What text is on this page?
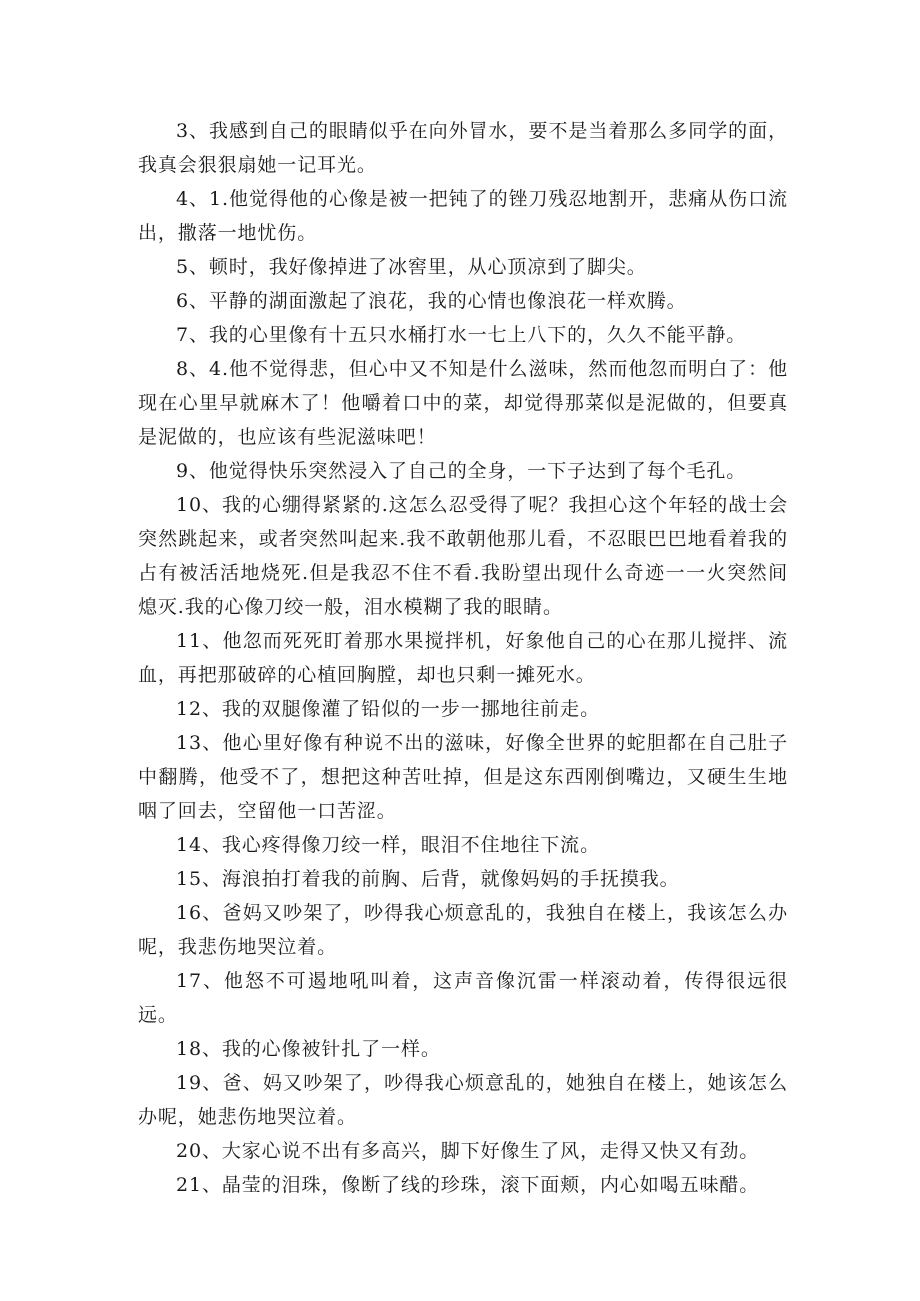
3、我感到自己的眼睛似乎在向外冒水，要不是当着那么多同学的面，我真会狠狠扇她一记耳光。

4、1.他觉得他的心像是被一把钝了的锉刀残忍地割开，悲痛从伤口流出，撒落一地忧伤。

5、顿时，我好像掉进了冰窖里，从心顶凉到了脚尖。

6、平静的湖面激起了浪花，我的心情也像浪花一样欢腾。

7、我的心里像有十五只水桶打水一七上八下的，久久不能平静。

8、4.他不觉得悲，但心中又不知是什么滋味，然而他忽而明白了：他现在心里早就麻木了！他嚼着口中的菜，却觉得那菜似是泥做的，但要真是泥做的，也应该有些泥滋味吧！

9、他觉得快乐突然浸入了自己的全身，一下子达到了每个毛孔。

10、我的心绷得紧紧的.这怎么忍受得了呢？我担心这个年轻的战士会突然跳起来，或者突然叫起来.我不敢朝他那儿看，不忍眼巴巴地看着我的占有被活活地烧死.但是我忍不住不看.我盼望出现什么奇迹一一火突然间熄灭.我的心像刀绞一般，泪水模糊了我的眼睛。

11、他忽而死死盯着那水果搅拌机，好象他自己的心在那儿搅拌、流血，再把那破碎的心植回胸膛，却也只剩一摊死水。

12、我的双腿像灌了铅似的一步一挪地往前走。

13、他心里好像有种说不出的滋味，好像全世界的蛇胆都在自己肚子中翻腾，他受不了，想把这种苦吐掉，但是这东西刚倒嘴边，又硬生生地咽了回去，空留他一口苦涩。

14、我心疼得像刀绞一样，眼泪不住地往下流。

15、海浪拍打着我的前胸、后背，就像妈妈的手抚摸我。

16、爸妈又吵架了，吵得我心烦意乱的，我独自在楼上，我该怎么办呢，我悲伤地哭泣着。

17、他怒不可遏地吼叫着，这声音像沉雷一样滚动着，传得很远很远。

18、我的心像被针扎了一样。

19、爸、妈又吵架了，吵得我心烦意乱的，她独自在楼上，她该怎么办呢，她悲伤地哭泣着。

20、大家心说不出有多高兴，脚下好像生了风，走得又快又有劲。

21、晶莹的泪珠，像断了线的珍珠，滚下面颊，内心如喝五味醋。
